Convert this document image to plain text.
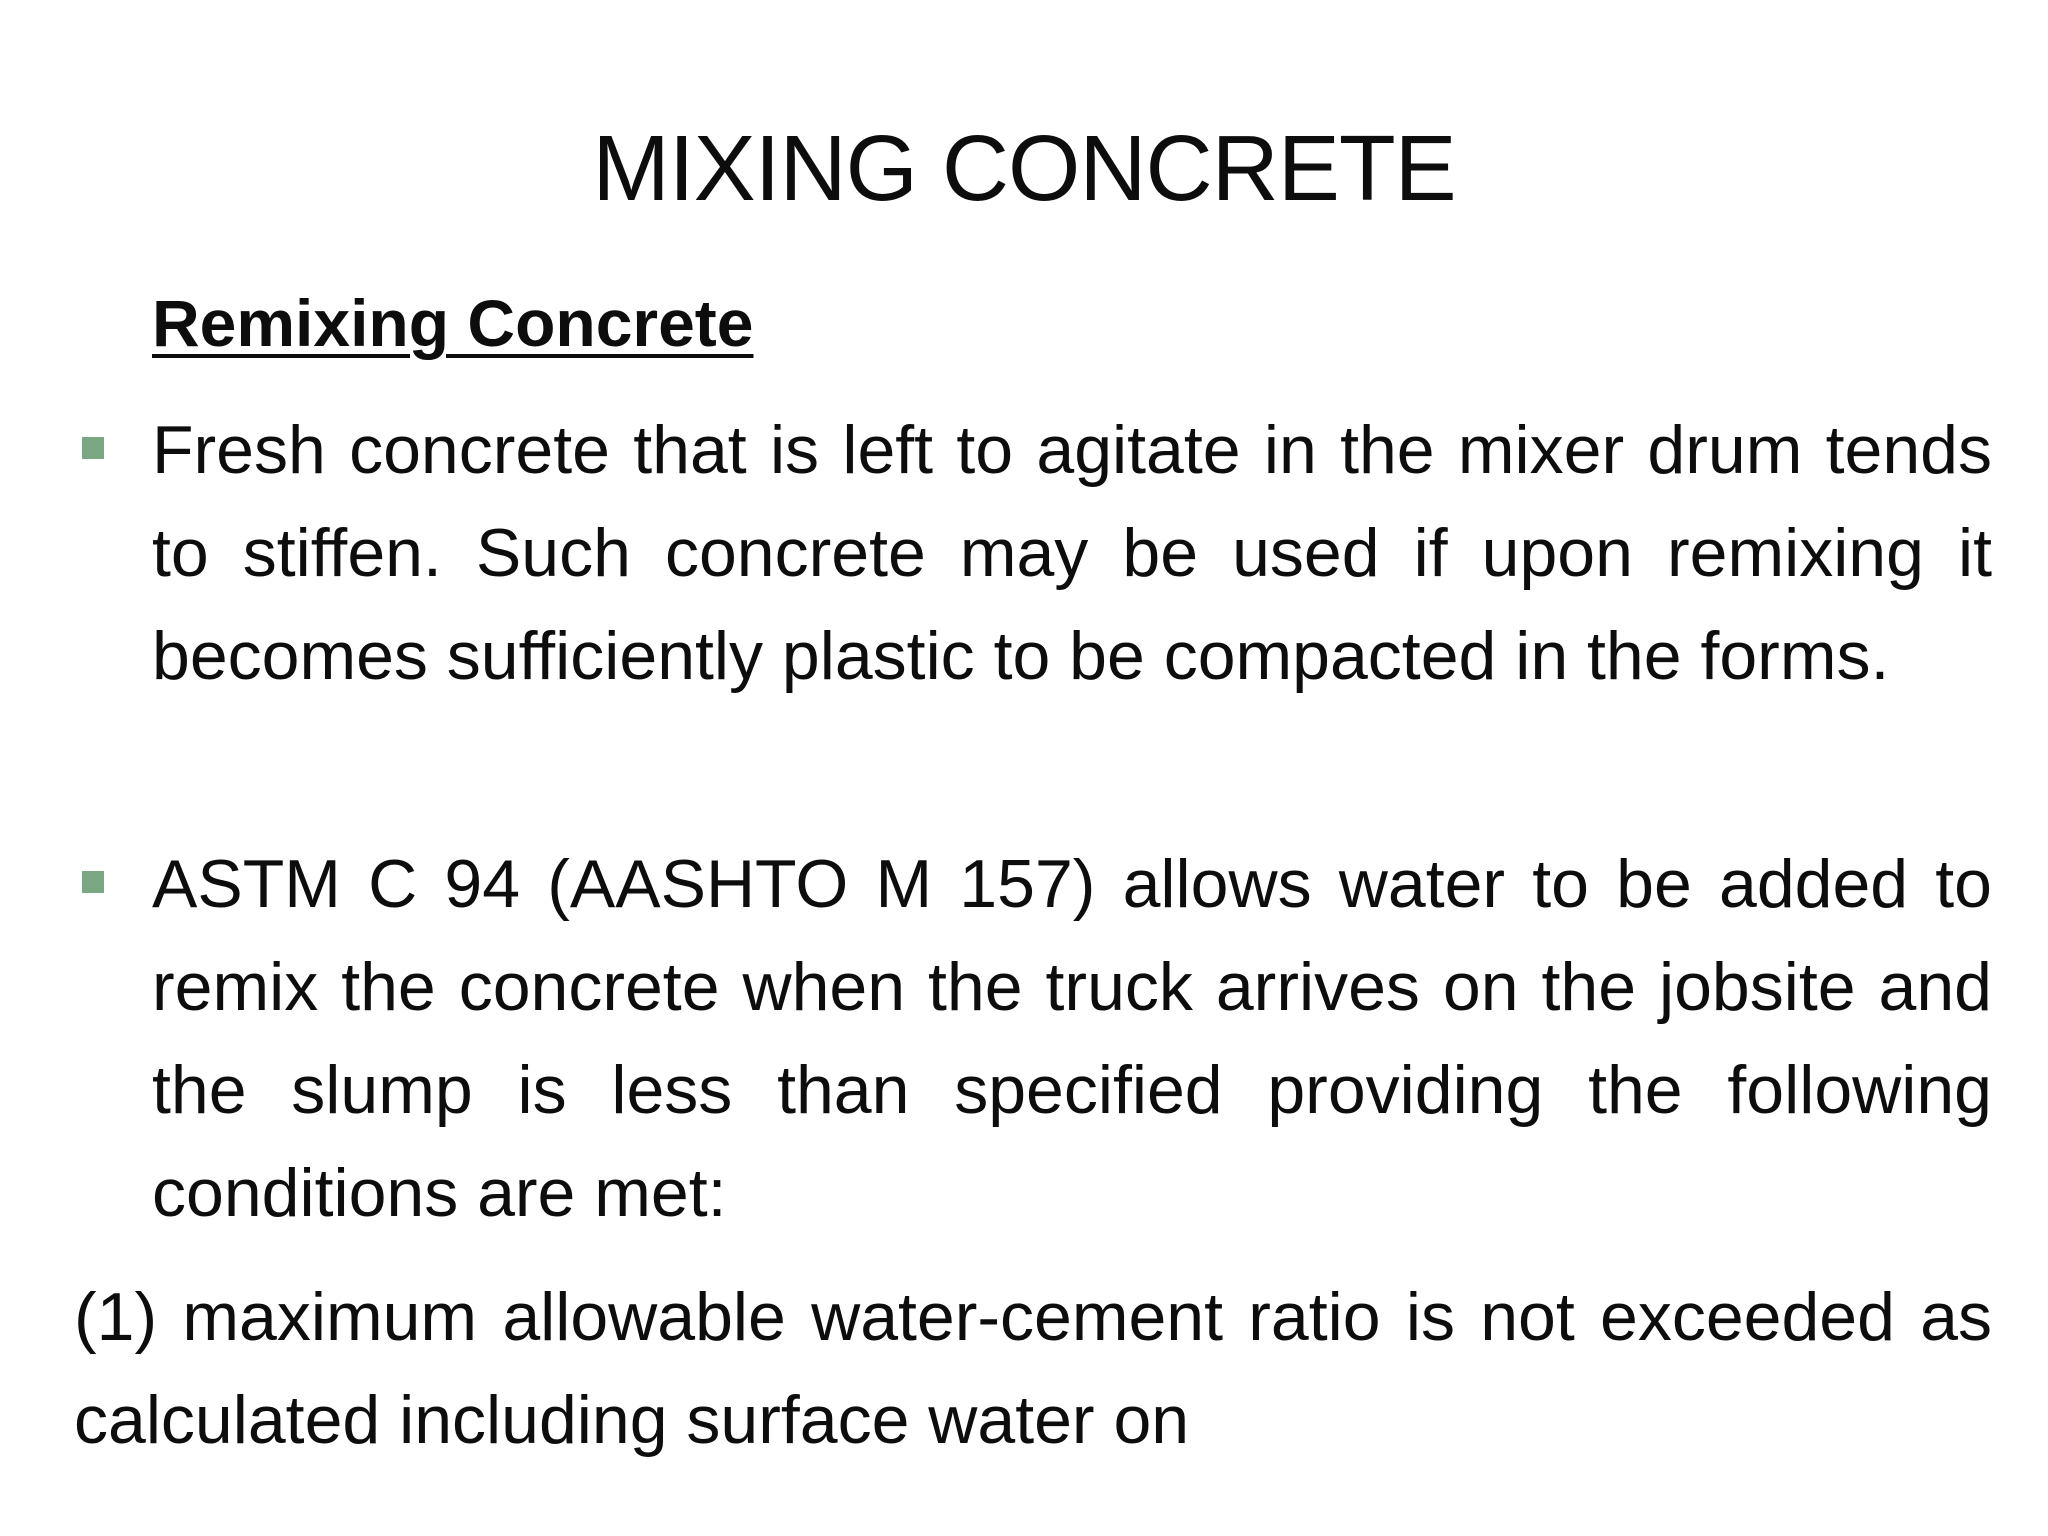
MIXING CONCRETE
Remixing Concrete
Fresh concrete that is left to agitate in the mixer drum tends to stiffen. Such concrete may be used if upon remixing it becomes sufficiently plastic to be compacted in the forms.
ASTM C 94 (AASHTO M 157) allows water to be added to remix the concrete when the truck arrives on the jobsite and the slump is less than specified providing the following conditions are met:
(1) maximum allowable water-cement ratio is not exceeded as calculated including surface water on
